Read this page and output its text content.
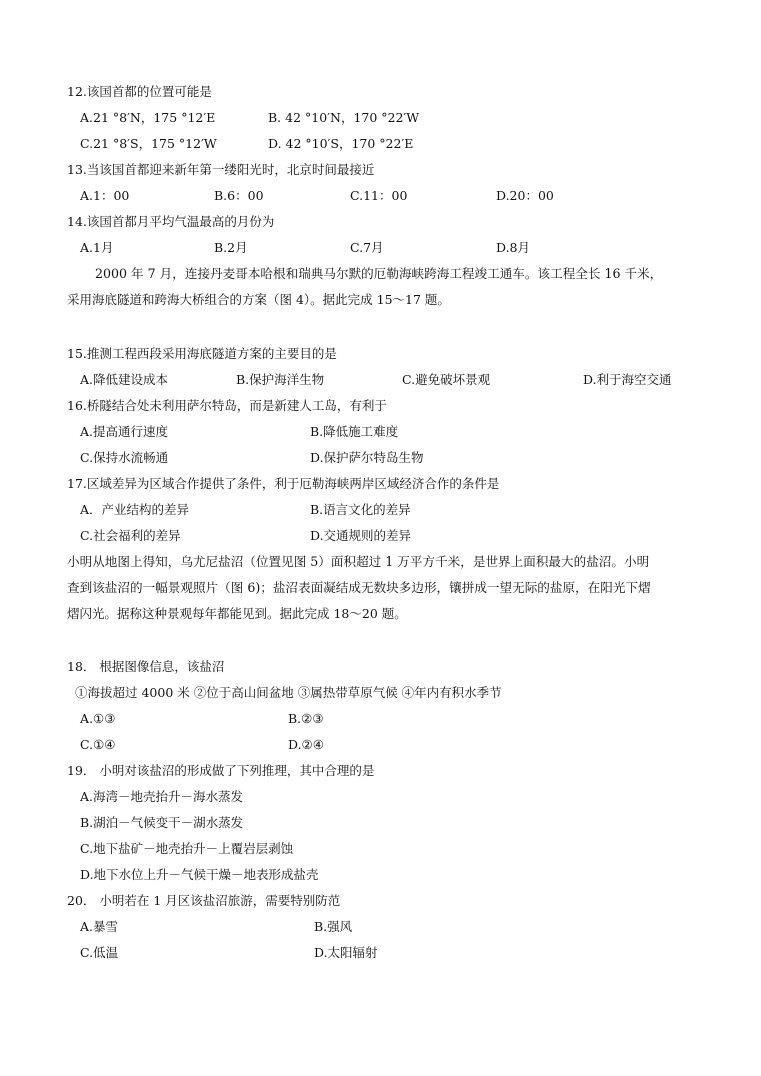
12.该国首都的位置可能是
A.21 °8′N，175 °12′E	B. 42 °10′N，170 °22′W
C.21 °8′S，175 °12′W	D. 42 °10′S，170 °22′E
13.当该国首都迎来新年第一缕阳光时，北京时间最接近
A.1：00	B.6：00	C.11：00	D.20：00
14.该国首都月平均气温最高的月份为
A.1月	B.2月	C.7月	D.8月
2000 年 7 月，连接丹麦哥本哈根和瑞典马尔默的厄勒海峡跨海工程竣工通车。该工程全长 16 千米，
采用海底隧道和跨海大桥组合的方案（图 4）。据此完成 15～17 题。
15.推测工程西段采用海底隧道方案的主要目的是
A.降低建设成本	B.保护海洋生物	C.避免破坏景观	D.利于海空交通
16.桥隧结合处未利用萨尔特岛，而是新建人工岛，有利于
A.提高通行速度	B.降低施工难度
C.保持水流畅通	D.保护萨尔特岛生物
17.区域差异为区域合作提供了条件，利于厄勒海峡两岸区域经济合作的条件是
A．产业结构的差异	B.语言文化的差异
C.社会福利的差异	D.交通规则的差异
小明从地图上得知，乌尤尼盐沼（位置见图 5）面积超过 1 万平方千米，是世界上面积最大的盐沼。小明
查到该盐沼的一幅景观照片（图 6)；盐沼表面凝结成无数块多边形，镶拼成一望无际的盐原，在阳光下熠
熠闪光。据称这种景观每年都能见到。据此完成 18～20 题。
18． 根据图像信息，该盐沼
①海拔超过 4000 米 ②位于高山间盆地 ③属热带草原气候 ④年内有积水季节
A.①③	B.②③
C.①④	D.②④
19． 小明对该盐沼的形成做了下列推理，其中合理的是
A.海湾－地壳抬升－海水蒸发
B.湖泊－气候变干－湖水蒸发
C.地下盐矿－地壳抬升－上覆岩层剥蚀
D.地下水位上升－气候干燥－地表形成盐壳
20． 小明若在 1 月区该盐沼旅游，需要特别防范
A.暴雪	B.强风
C.低温	D.太阳辐射
